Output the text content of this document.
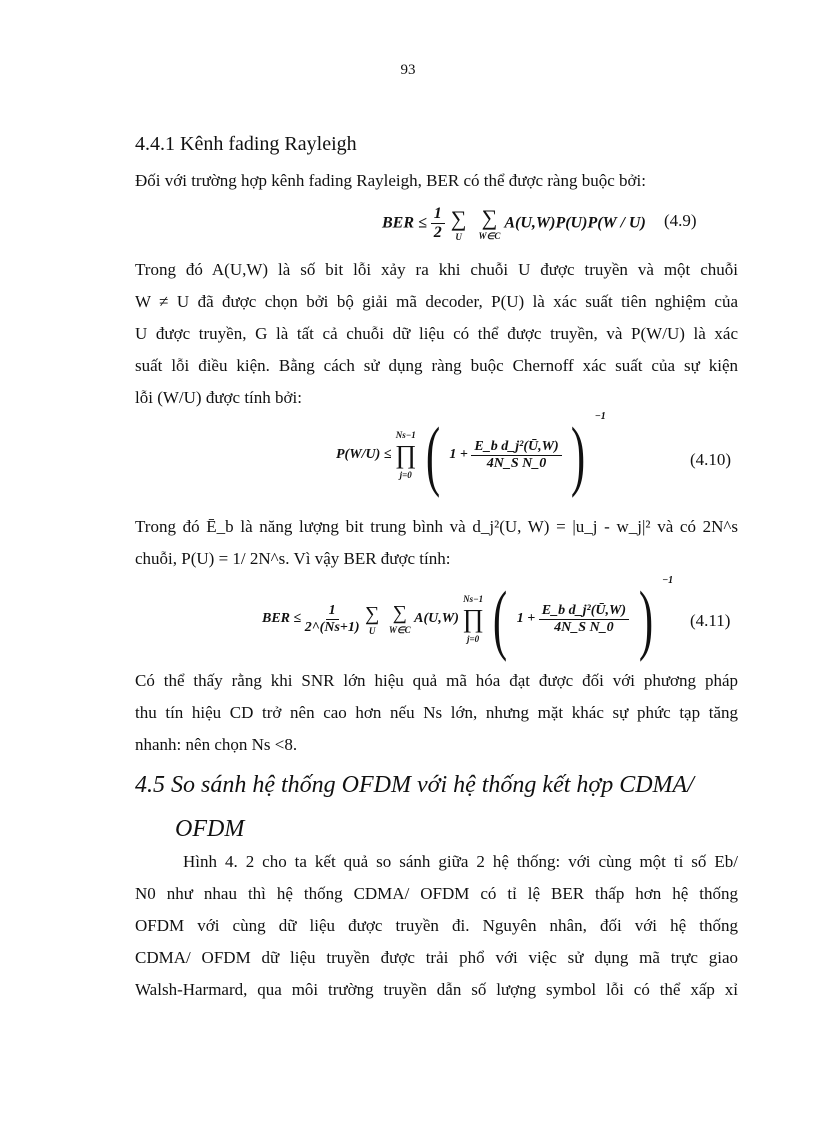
93
4.4.1 Kênh fading Rayleigh

Đối với trường hợp kênh fading Rayleigh, BER có thể được ràng buộc bởi:

BER ≤ $\frac{1}{2}$
∑
U

∑
W∈C
A(U,W)P(U)P(W / U) (4.9)

Trong đó A(U,W) là số bit lỗi xảy ra khi chuỗi U được truyền và một chuỗi
W ≠ U đã được chọn bởi bộ giải mã decoder, P(U) là xác suất tiên nghiệm của
U được truyền, G là tất cả chuỗi dữ liệu có thể được truyền, và P(W/U) là xác
suất lỗi điều kiện. Bằng cách sử dụng ràng buộc Chernoff xác suất của sự kiện
lỗi (W/U) được tính bởi:

P(W/U) ≤
Ns−1
∏
j=0 ( $1 + \frac{\text{E\_b d\_j²(Ū,W)}}{\text{4N\_S N\_0}}$ ) $^{-1}$
(4.10)

Trong đó Ē_b là năng lượng bit trung bình và d_j²(U, W) = |u_j - w_j|² và có 2N^s
chuỗi, P(U) = 1/ 2N^s. Vì vậy BER được tính:

BER ≤ $\frac{1}{2\^{}(Ns+1)}$
∑
U

∑
W∈C
A(U,W)
Ns−1
∏
j=0 ( $1 + \frac{\text{E\_b d\_j²(Ū,W)}}{\text{4N\_S N\_0}}$ ) $^{-1}$
(4.11)

Có thể thấy rằng khi SNR lớn hiệu quả mã hóa đạt được đối với phương pháp
thu tín hiệu CD trở nên cao hơn nếu Ns lớn, nhưng mặt khác sự phức tạp tăng
nhanh: nên chọn Ns <8.

4.5 So sánh hệ thống OFDM với hệ thống kết hợp CDMA/
OFDM

Hình 4. 2 cho ta kết quả so sánh giữa 2 hệ thống: với cùng một tỉ số Eb/
N0 như nhau thì hệ thống CDMA/ OFDM có tỉ lệ BER thấp hơn hệ thống
OFDM với cùng dữ liệu được truyền đi. Nguyên nhân, đối với hệ thống
CDMA/ OFDM dữ liệu truyền được trải phổ với việc sử dụng mã trực giao
Walsh-Harmard, qua môi trường truyền dẫn số lượng symbol lỗi có thể xấp xỉ
